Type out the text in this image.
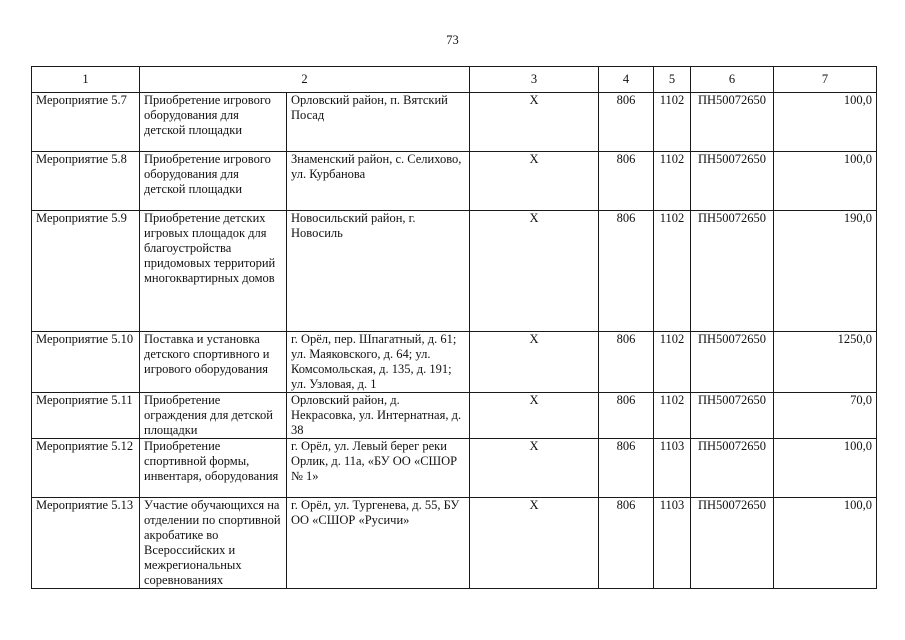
73
1	2		3	4	5	6	7
Мероприятие 5.7	Приобретение игрового оборудования для детской площадки	Орловский район, п. Вятский Посад	Х	806	1102	ПН50072650	100,0
Мероприятие 5.8	Приобретение игрового оборудования для детской площадки	Знаменский район, с. Селихово, ул. Курбанова	Х	806	1102	ПН50072650	100,0
Мероприятие 5.9	Приобретение детских игровых площадок для благоустройства придомовых территорий многоквартирных домов	Новосильский район, г. Новосиль	Х	806	1102	ПН50072650	190,0
Мероприятие 5.10	Поставка и установка детского спортивного и игрового оборудования	г. Орёл, пер. Шпагатный, д. 61; ул. Маяковского, д. 64; ул. Комсомольская, д. 135, д. 191; ул. Узловая, д. 1	Х	806	1102	ПН50072650	1250,0
Мероприятие 5.11	Приобретение ограждения для детской площадки	Орловский район, д. Некрасовка, ул. Интернатная, д. 38	Х	806	1102	ПН50072650	70,0
Мероприятие 5.12	Приобретение спортивной формы, инвентаря, оборудования	г. Орёл, ул. Левый берег реки Орлик, д. 11а, «БУ ОО «СШОР № 1»	Х	806	1103	ПН50072650	100,0
Мероприятие 5.13	Участие обучающихся на отделении по спортивной акробатике во Всероссийских и межрегиональных соревнованиях	г. Орёл, ул. Тургенева, д. 55, БУ ОО «СШОР «Русичи»	Х	806	1103	ПН50072650	100,0
